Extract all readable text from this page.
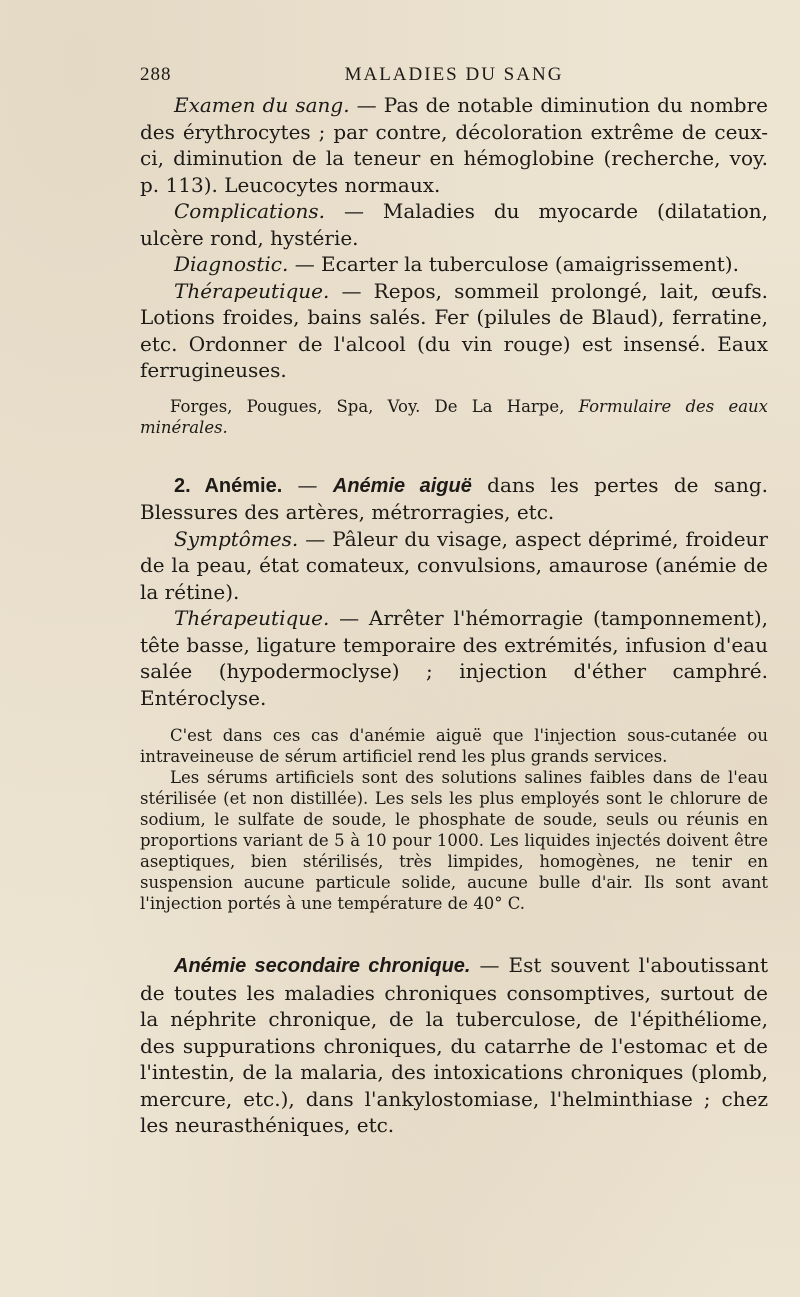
288	MALADIES DU SANG

Examen du sang. — Pas de notable diminution du nombre des érythrocytes ; par contre, décoloration extrême de ceux-ci, diminution de la teneur en hémoglobine (recherche, voy. p. 113). Leucocytes normaux.

Complications. — Maladies du myocarde (dilatation, ulcère rond, hystérie.

Diagnostic. — Ecarter la tuberculose (amaigrissement).

Thérapeutique. — Repos, sommeil prolongé, lait, œufs. Lotions froides, bains salés. Fer (pilules de Blaud), ferratine, etc. Ordonner de l'alcool (du vin rouge) est insensé. Eaux ferrugineuses.

Forges, Pougues, Spa, Voy. De La Harpe, Formulaire des eaux minérales.

2. Anémie. — Anémie aiguë dans les pertes de sang. Blessures des artères, métrorragies, etc.

Symptômes. — Pâleur du visage, aspect déprimé, froideur de la peau, état comateux, convulsions, amaurose (anémie de la rétine).

Thérapeutique. — Arrêter l'hémorragie (tamponnement), tête basse, ligature temporaire des extrémités, infusion d'eau salée (hypodermoclyse) ; injection d'éther camphré. Entéroclyse.

C'est dans ces cas d'anémie aiguë que l'injection sous-cutanée ou intraveineuse de sérum artificiel rend les plus grands services.

Les sérums artificiels sont des solutions salines faibles dans de l'eau stérilisée (et non distillée). Les sels les plus employés sont le chlorure de sodium, le sulfate de soude, le phosphate de soude, seuls ou réunis en proportions variant de 5 à 10 pour 1000. Les liquides injectés doivent être aseptiques, bien stérilisés, très limpides, homogènes, ne tenir en suspension aucune particule solide, aucune bulle d'air. Ils sont avant l'injection portés à une température de 40° C.

Anémie secondaire chronique. — Est souvent l'aboutissant de toutes les maladies chroniques consomptives, surtout de la néphrite chronique, de la tuberculose, de l'épithéliome, des suppurations chroniques, du catarrhe de l'estomac et de l'intestin, de la malaria, des intoxications chroniques (plomb, mercure, etc.), dans l'ankylostomiase, l'helminthiase ; chez les neurasthéniques, etc.
